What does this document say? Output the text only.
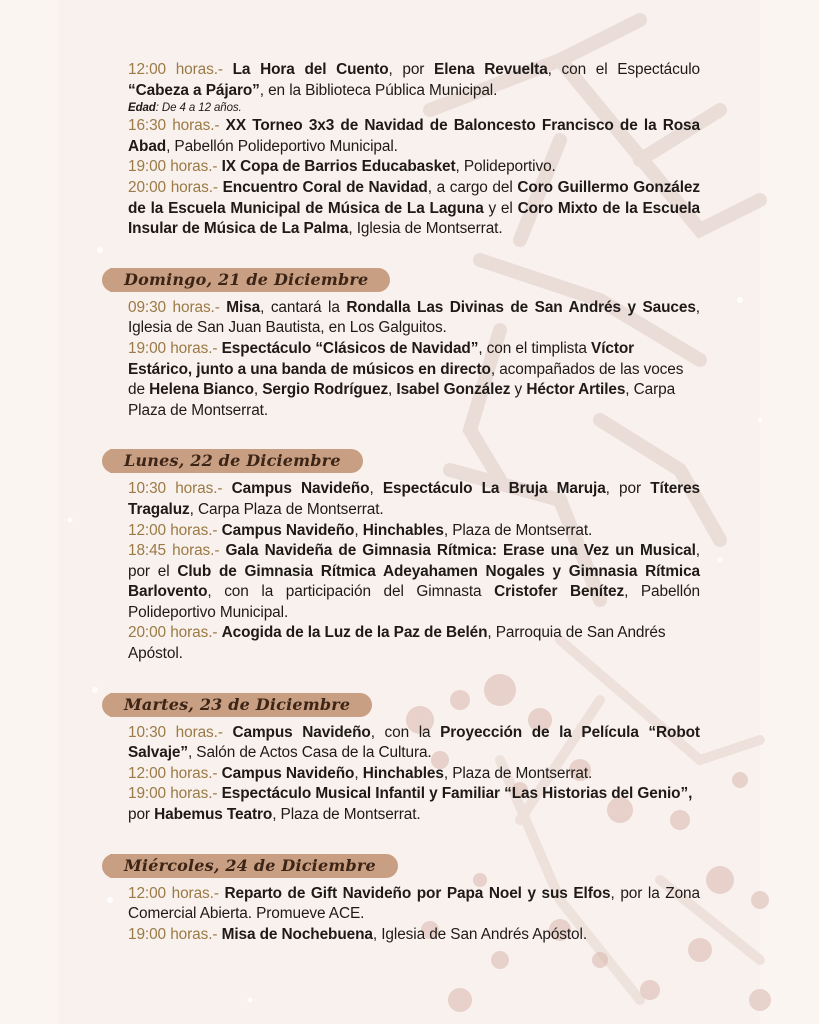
12:00 horas.- La Hora del Cuento, por Elena Revuelta, con el Espectáculo “Cabeza a Pájaro”, en la Biblioteca Pública Municipal.

Edad: De 4 a 12 años.

16:30 horas.- XX Torneo 3x3 de Navidad de Baloncesto Francisco de la Rosa Abad, Pabellón Polideportivo Municipal.

19:00 horas.- IX Copa de Barrios Educabasket, Polideportivo.

20:00 horas.- Encuentro Coral de Navidad, a cargo del Coro Guillermo González de la Escuela Municipal de Música de La Laguna y el Coro Mixto de la Escuela Insular de Música de La Palma, Iglesia de Montserrat.

Domingo, 21 de Diciembre

09:30 horas.- Misa, cantará la Rondalla Las Divinas de San Andrés y Sauces, Iglesia de San Juan Bautista, en Los Galguitos.

19:00 horas.- Espectáculo “Clásicos de Navidad”, con el timplista Víctor Estárico, junto a una banda de músicos en directo, acompañados de las voces de Helena Bianco, Sergio Rodríguez, Isabel González y Héctor Artiles, Carpa Plaza de Montserrat.

Lunes, 22 de Diciembre

10:30 horas.- Campus Navideño, Espectáculo La Bruja Maruja, por Títeres Tragaluz, Carpa Plaza de Montserrat.

12:00 horas.- Campus Navideño, Hinchables, Plaza de Montserrat.

18:45 horas.- Gala Navideña de Gimnasia Rítmica: Erase una Vez un Musical, por el Club de Gimnasia Rítmica Adeyahamen Nogales y Gimnasia Rítmica Barlovento, con la participación del Gimnasta Cristofer Benítez, Pabellón Polideportivo Municipal.

20:00 horas.- Acogida de la Luz de la Paz de Belén, Parroquia de San Andrés Apóstol.

Martes, 23 de Diciembre

10:30 horas.- Campus Navideño, con la Proyección de la Película “Robot Salvaje”, Salón de Actos Casa de la Cultura.

12:00 horas.- Campus Navideño, Hinchables, Plaza de Montserrat.

19:00 horas.- Espectáculo Musical Infantil y Familiar “Las Historias del Genio”, por Habemus Teatro, Plaza de Montserrat.

Miércoles, 24 de Diciembre

12:00 horas.- Reparto de Gift Navideño por Papa Noel y sus Elfos, por la Zona Comercial Abierta. Promueve ACE.

19:00 horas.- Misa de Nochebuena, Iglesia de San Andrés Apóstol.
